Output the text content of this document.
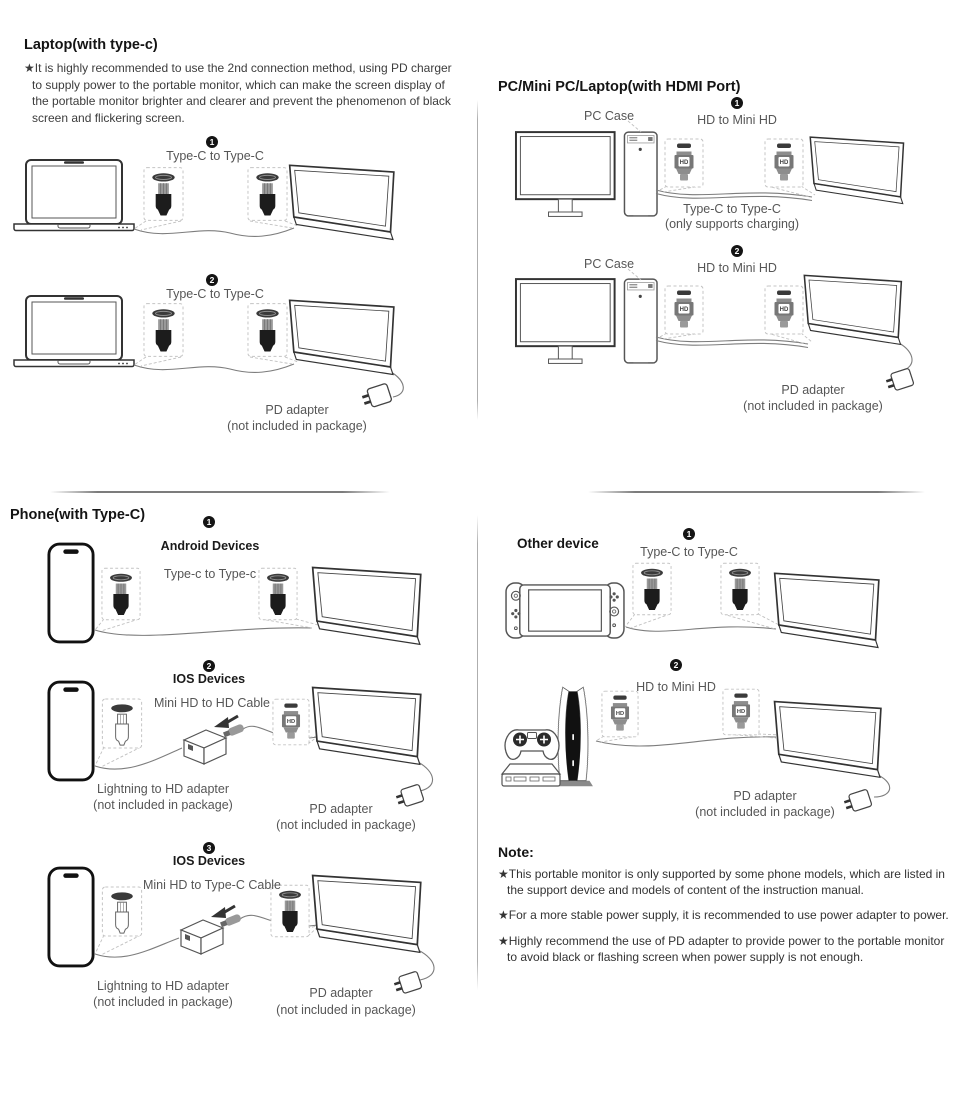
Laptop(with type-c)
★It is highly recommended to use the 2nd connection method, using PD charger to supply power to the portable monitor, which can make the screen display of the portable monitor brighter and clearer and prevent the phenomenon of black screen and flickering screen.
1
Type-C to Type-C
2
Type-C to Type-C
PD adapter
(not included in package)
PC/Mini PC/Laptop(with HDMI Port)
1
PC Case	HD to Mini HD
Type-C to Type-C
(only supports charging)
2
PC Case	HD to Mini HD
PD adapter
(not included in package)
Phone(with Type-C)	1
Android Devices
Type-c to Type-c
2
IOS Devices
Mini HD to HD Cable
Lightning to HD adapter
(not included in package)	PD adapter
(not included in package)
3
IOS Devices
Mini HD to Type-C Cable
Lightning to HD adapter
(not included in package)
PD adapter
(not included in package)
Other device
1
Type-C to Type-C
2
HD to Mini HD
PD adapter
(not included in package)
Note:
★This portable monitor is only supported by some phone models, which are listed in the support device and models of content of the instruction manual.
★For a more stable power supply, it is recommended to use power adapter to power.
★Highly recommend the use of PD adapter to provide power to the portable monitor to avoid black or flashing screen when power supply is not enough.
